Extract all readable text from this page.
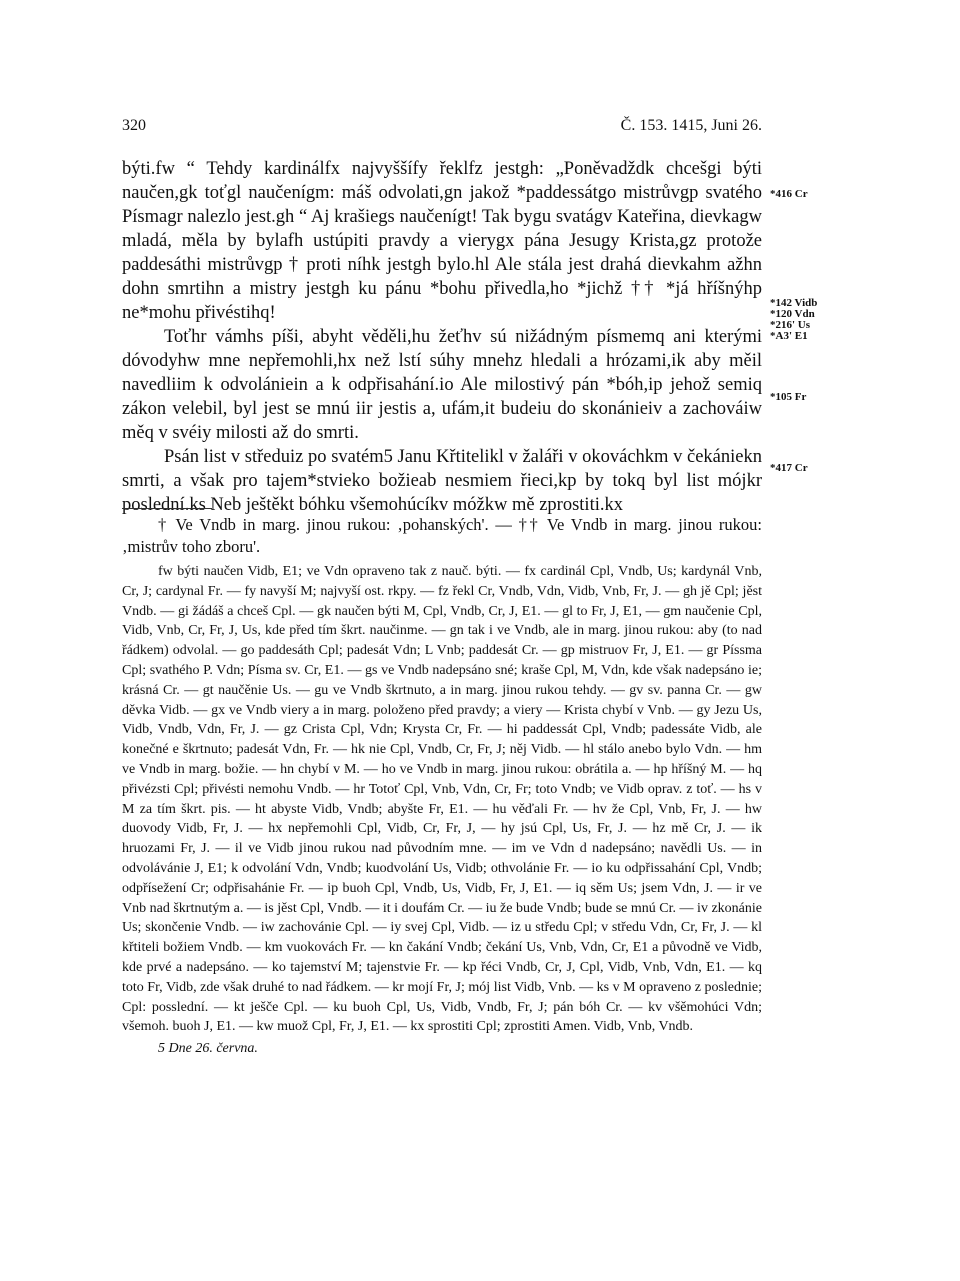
320	Č. 153. 1415, Juni 26.

býti.fw “ Tehdy kardinálfx najvyššífy řeklfz jestgh: „Poněvadždk chcešgi býti naučen,gk toťgl naučenígm: máš odvolati,gn jakož *paddessátgo mistrůvgp svatého Písmagr nalezlo jest.gh “ Aj krašiegs naučenígt! Tak bygu svatágv Kateřina, dievkagw mladá, měla by bylafh ustúpiti pravdy a vierygx pána Jesugy Krista,gz protože paddesáthi mistrůvgp † proti níhk jestgh bylo.hl Ale stála jest drahá dievkahm ažhn dohn smrtihn a mistry jestgh ku pánu *bohu přivedla,ho *jichž †† *já hříšnýhp ne*mohu přivéstihq!

Toťhr vámhs píši, abyht věděli,hu žeťhv sú nižádným písmemq ani kterými dóvodyhw mne nepřemohli,hx než lstí súhy mnehz hledali a hrózami,ik aby měil navedliim k odvolániein a k odpřisahání.io Ale milostivý pán *bóh,ip jehož semiq zákon velebil, byl jest se mnú iir jestis a, ufám,it budeiu do skonánieiv a zachováiw měq v svéiy milosti až do smrti.

Psán list v středuiz po svatém5 Janu Křtitelikl v žaláři v okováchkm v čekániekn smrti, a však pro tajem*stvieko božieab nesmiem řieci,kp by tokq byl list mójkr poslední.ks Neb ještěkt bóhku všemohúcíkv móžkw mě zprostiti.kx

*416 Cr
*142 Vidb *120 Vdn *216' Us *A3' E1
*105 Fr
*417 Cr
† Ve Vndb in marg. jinou rukou: ‚pohanských'. — †† Ve Vndb in marg. jinou rukou: ‚mistrův toho zboru'.
fw býti naučen Vidb, E1; ve Vdn opraveno tak z nauč. býti. — fx cardinál Cpl, Vndb, Us; kardynál Vnb, Cr, J; cardynal Fr. — fy navyší M; najvyší ost. rkpy. — fz řekl Cr, Vndb, Vdn, Vidb, Vnb, Fr, J. — gh jě Cpl; jěst Vndb. — gi žádáš a chceš Cpl. — gk naučen býti M, Cpl, Vndb, Cr, J, E1. — gl to Fr, J, E1, — gm naučenie Cpl, Vidb, Vnb, Cr, Fr, J, Us, kde před tím škrt. naučinme. — gn tak i ve Vndb, ale in marg. jinou rukou: aby (to nad řádkem) odvolal. — go paddesáth Cpl; padesát Vdn; L Vnb; paddesát Cr. — gp mistruov Fr, J, E1. — gr Píssma Cpl; svathého P. Vdn; Písma sv. Cr, E1. — gs ve Vndb nadepsáno sné; kraše Cpl, M, Vdn, kde však nadepsáno ie; krásná Cr. — gt naučěnie Us. — gu ve Vndb škrtnuto, a in marg. jinou rukou tehdy. — gv sv. panna Cr. — gw děvka Vidb. — gx ve Vndb viery a in marg. položeno před pravdy; a viery — Krista chybí v Vnb. — gy Jezu Us, Vidb, Vndb, Vdn, Fr, J. — gz Crista Cpl, Vdn; Krysta Cr, Fr. — hi paddessát Cpl, Vndb; padessáte Vidb, ale konečné e škrtnuto; padesát Vdn, Fr. — hk nie Cpl, Vndb, Cr, Fr, J; něj Vidb. — hl stálo anebo bylo Vdn. — hm ve Vndb in marg. božie. — hn chybí v M. — ho ve Vndb in marg. jinou rukou: obrátila a. — hp hříšný M. — hq přivézsti Cpl; přivésti nemohu Vndb. — hr Totoť Cpl, Vnb, Vdn, Cr, Fr; toto Vndb; ve Vidb oprav. z toť. — hs v M za tím škrt. pis. — ht abyste Vidb, Vndb; abyšte Fr, E1. — hu věďali Fr. — hv že Cpl, Vnb, Fr, J. — hw duovody Vidb, Fr, J. — hx nepřemohli Cpl, Vidb, Cr, Fr, J, — hy jsú Cpl, Us, Fr, J. — hz mě Cr, J. — ik hruozami Fr, J. — il ve Vidb jinou rukou nad původním mne. — im ve Vdn d nadepsáno; navědli Us. — in odvolávánie J, E1; k odvolání Vdn, Vndb; kuodvolání Us, Vidb; othvolánie Fr. — io ku odpřissahání Cpl, Vndb; odpřísežení Cr; odpřisahánie Fr. — ip buoh Cpl, Vndb, Us, Vidb, Fr, J, E1. — iq sěm Us; jsem Vdn, J. — ir ve Vnb nad škrtnutým a. — is jěst Cpl, Vndb. — it i doufám Cr. — iu že bude Vndb; bude se mnú Cr. — iv zkonánie Us; skončenie Vndb. — iw zachovánie Cpl. — iy svej Cpl, Vidb. — iz u středu Cpl; v středu Vdn, Cr, Fr, J. — kl křtiteli božiem Vndb. — km vuokovách Fr. — kn čakání Vndb; čekání Us, Vnb, Vdn, Cr, E1 a původně ve Vidb, kde prvé a nadepsáno. — ko tajemství M; tajenstvie Fr. — kp řéci Vndb, Cr, J, Cpl, Vidb, Vnb, Vdn, E1. — kq toto Fr, Vidb, zde však druhé to nad řádkem. — kr mojí Fr, J; mój list Vidb, Vnb. — ks v M opraveno z poslednie; Cpl: posslední. — kt ješče Cpl. — ku buoh Cpl, Us, Vidb, Vndb, Fr, J; pán bóh Cr. — kv všěmohúci Vdn; všemoh. buoh J, E1. — kw muož Cpl, Fr, J, E1. — kx sprostiti Cpl; zprostiti Amen. Vidb, Vnb, Vndb.
5 Dne 26. června.
